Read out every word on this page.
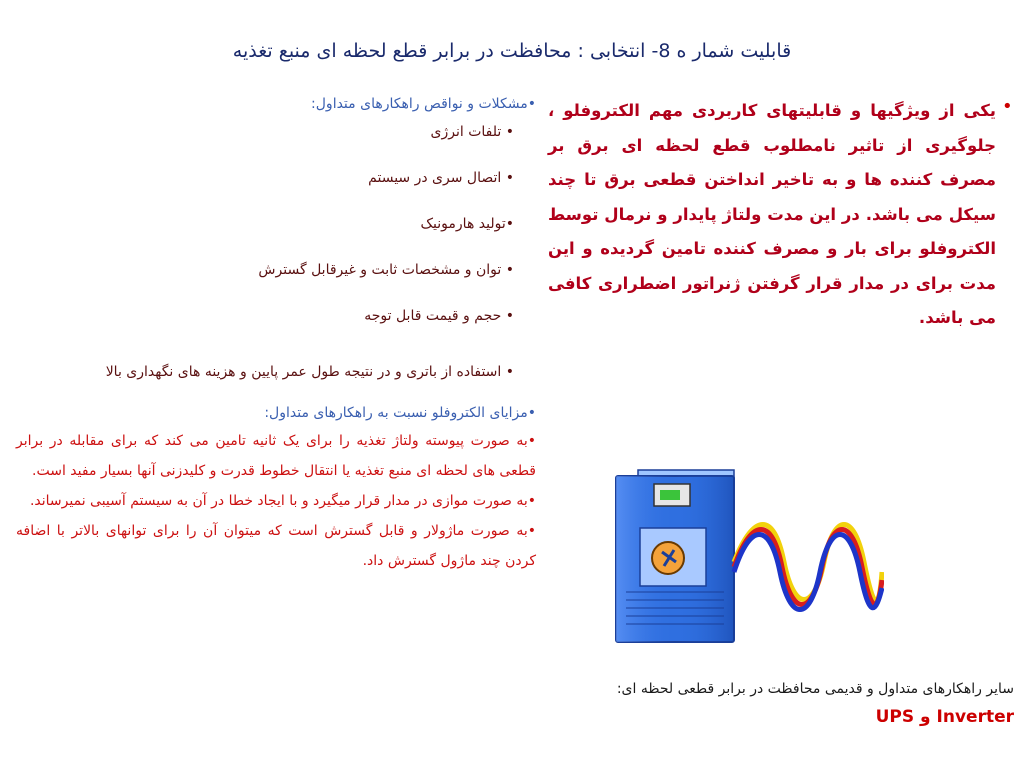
قابلیت شمار ه 8- انتخابی : محافظت در برابر قطع لحظه ای منبع تغذیه
•
یکی از ویژگیها و قابلیتهای کاربردی مهم الکتروفلو ، جلوگیری از تاثیر نامطلوب قطع لحظه ای برق بر مصرف کننده ها و به تاخیر انداختن قطعی برق تا چند سیکل می باشد. در این مدت ولتاژ پایدار و نرمال توسط الکتروفلو برای بار و مصرف کننده تامین گردیده و این مدت برای در مدار قرار گرفتن ژنراتور اضطراری کافی می باشد.
•مشکلات و نواقص راهکارهای متداول:
• تلفات انرژی
• اتصال سری در سیستم
•تولید هارمونیک
• توان و مشخصات ثابت و غیرقابل گسترش
• حجم و قیمت قابل توجه
• استفاده از باتری و در نتیجه طول عمر پایین و هزینه های نگهداری بالا
•مزایای الکتروفلو نسبت به راهکارهای متداول:
•به صورت پیوسته ولتاژ تغذیه را برای یک ثانیه تامین می کند که برای مقابله در برابر قطعی های لحظه ای منبع تغذیه یا انتقال خطوط قدرت و کلیدزنی آنها بسیار مفید است.
•به صورت موازی در مدار قرار میگیرد و با ایجاد خطا در آن به سیستم آسیبی نمیرساند.
•به صورت ماژولار و قابل گسترش است که میتوان آن را برای توانهای بالاتر با اضافه کردن چند ماژول گسترش داد.
سایر راهکارهای متداول و قدیمی محافظت در برابر قطعی لحظه ای: Inverter و UPS
